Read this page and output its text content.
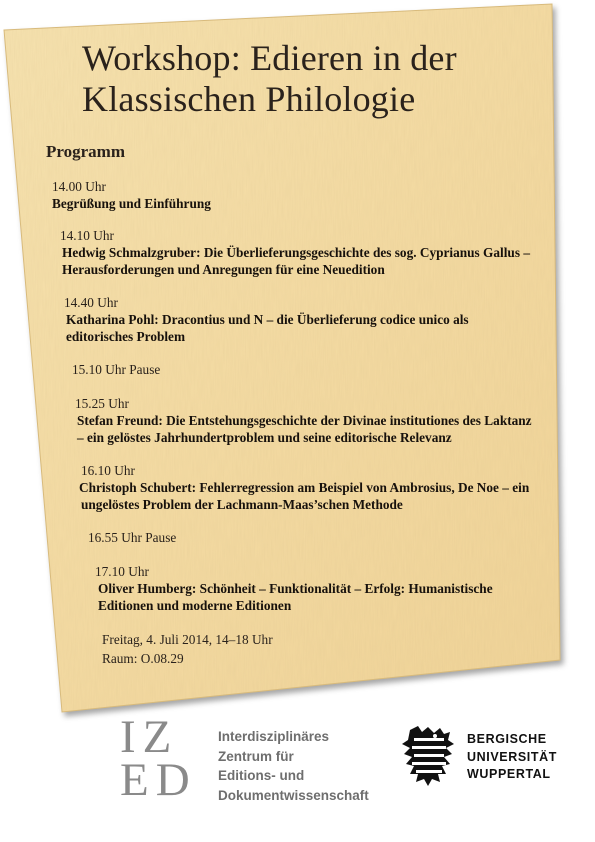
Workshop: Edieren in der
Klassischen Philologie
Programm
14.00 Uhr
Begrüßung und Einführung
14.10 Uhr
Hedwig Schmalzgruber: Die Überlieferungsgeschichte des sog. Cyprianus Gallus –
Herausforderungen und Anregungen für eine Neuedition
14.40 Uhr
Katharina Pohl: Dracontius und N – die Überlieferung codice unico als
editorisches Problem
15.10 Uhr Pause
15.25 Uhr
Stefan Freund: Die Entstehungsgeschichte der Divinae institutiones des Laktanz
– ein gelöstes Jahrhundertproblem und seine editorische Relevanz
16.10 Uhr
Christoph Schubert: Fehlerregression am Beispiel von Ambrosius, De Noe – ein
ungelöstes Problem der Lachmann-Maas’schen Methode
16.55 Uhr Pause
17.10 Uhr
Oliver Humberg: Schönheit – Funktionalität – Erfolg: Humanistische
Editionen und moderne Editionen
Freitag, 4. Juli 2014, 14–18 Uhr
Raum: O.08.29
IZ
ED
Interdisziplinäres
Zentrum für
Editions- und
Dokumentwissenschaft
BERGISCHE
UNIVERSITÄT
WUPPERTAL
